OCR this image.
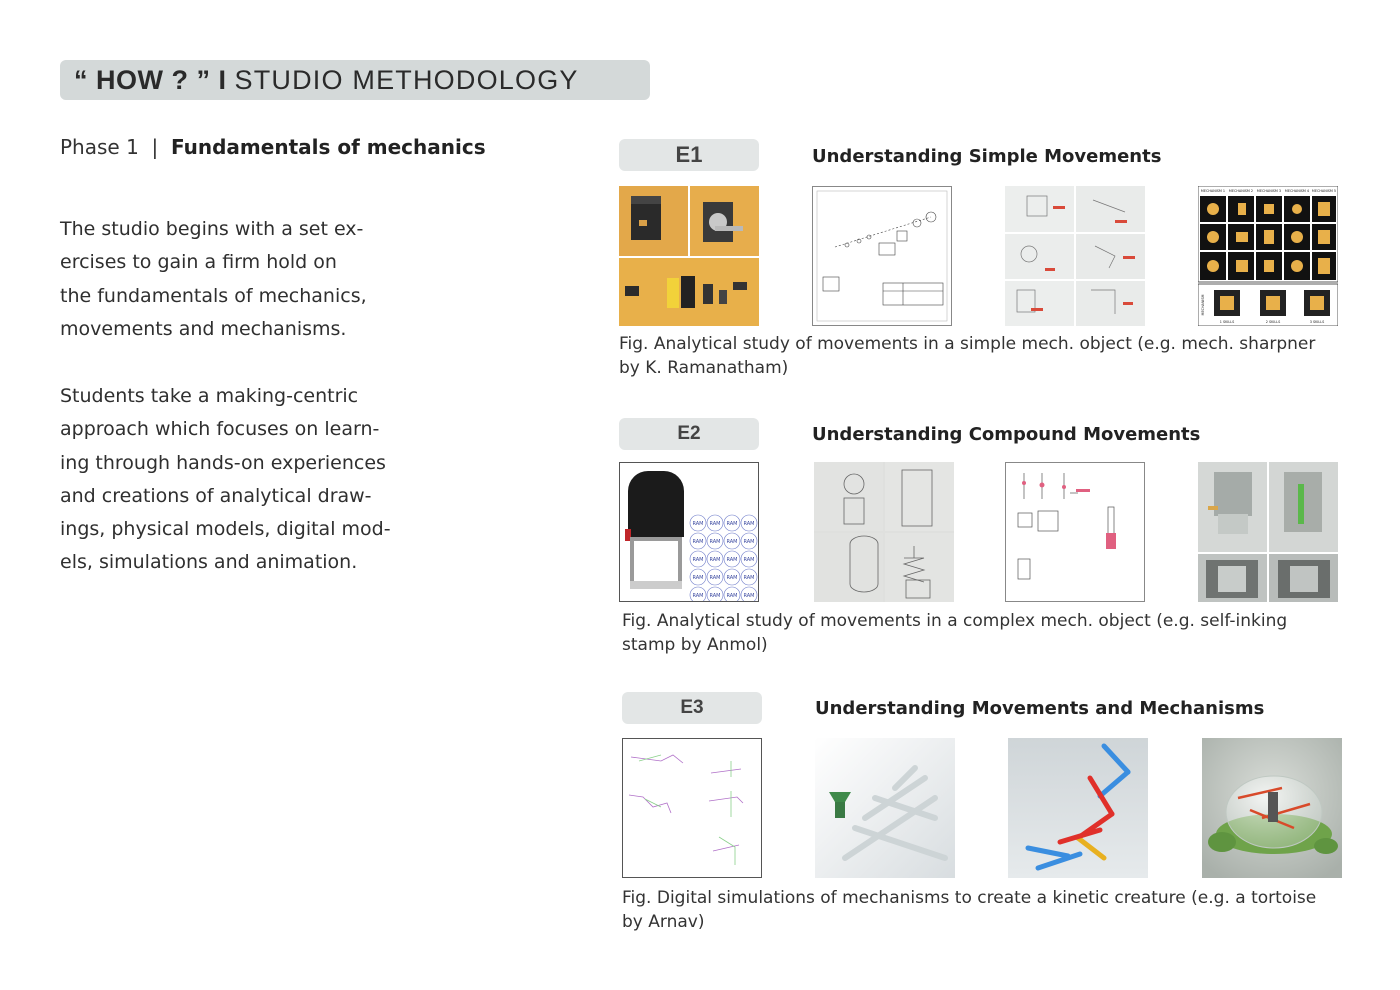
“ HOW ? ” I STUDIO METHODOLOGY
Phase 1  |  Fundamentals of mechanics
The studio begins with a set ex-
ercises to gain a firm hold on
the fundamentals of mechanics,
movements and mechanisms.
Students take a making-centric
approach which focuses on learn-
ing through hands-on experiences
and creations of analytical draw-
ings, physical models, digital mod-
els, simulations and animation.
E1	Understanding Simple Movements
MECHANISM 1 MECHANISM 2 MECHANISM 3 MECHANISM 4 MECHANISM 5
1 SKILLS	2 SKILLS	3 SKILLS
MECHANISM
Fig. Analytical study of movements in a simple mech. object (e.g. mech. sharpner
by K. Ramanatham)
E2	Understanding Compound Movements
RAM RAM RAM RAM
RAM RAM RAM RAM
RAM RAM RAM RAM
RAM RAM RAM RAM
RAM RAM RAM RAM
Fig. Analytical study of movements in a complex mech. object (e.g. self-inking
stamp by Anmol)
E3	Understanding Movements and Mechanisms
Fig. Digital simulations of mechanisms to create a kinetic creature (e.g. a tortoise
by Arnav)
